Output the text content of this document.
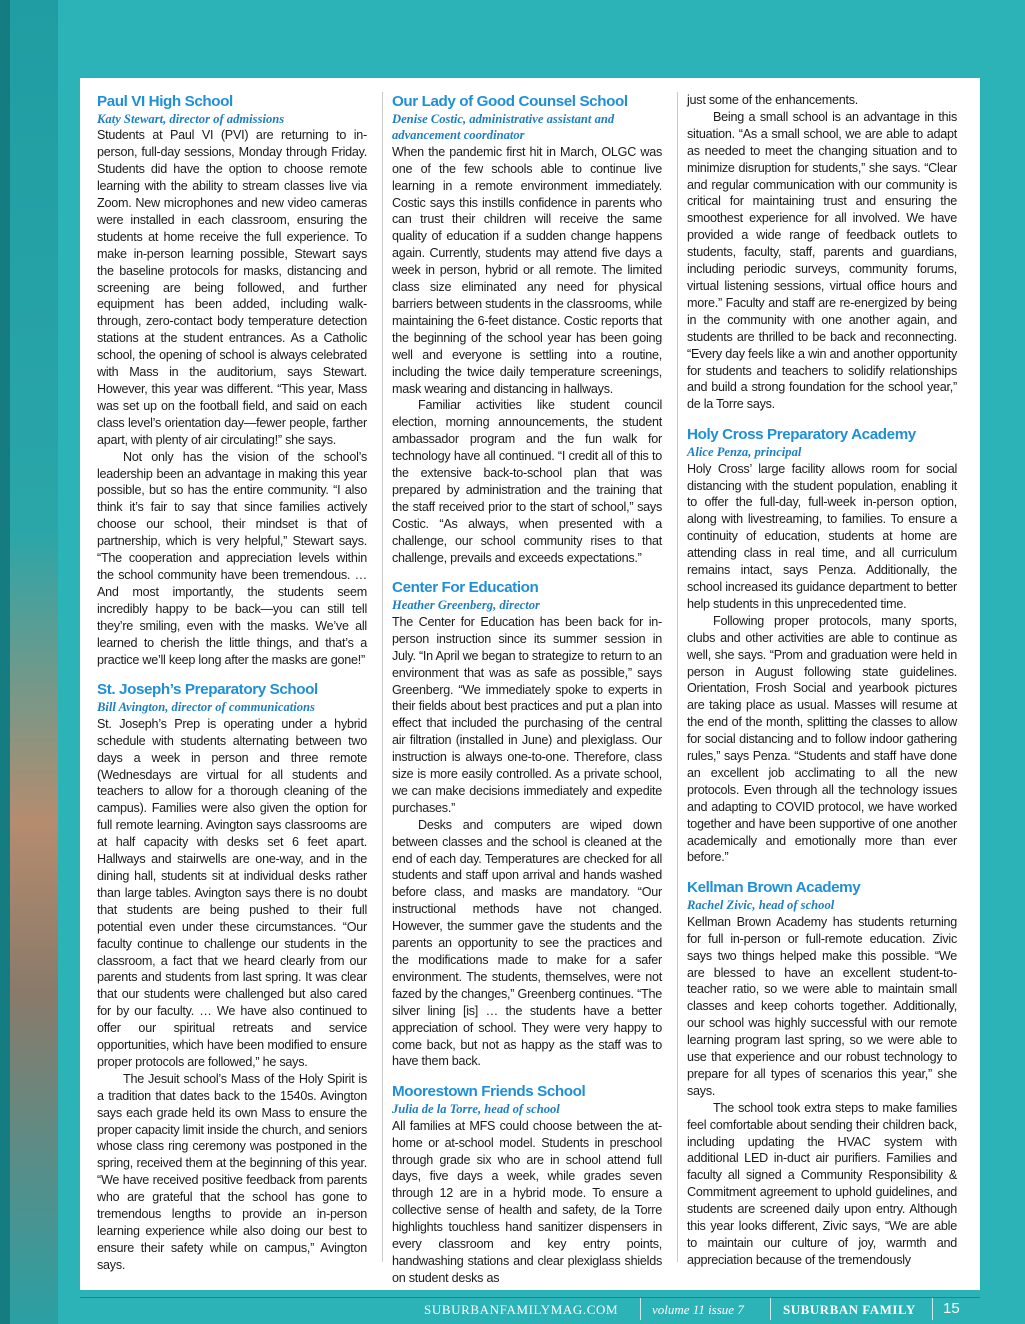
Paul VI High School

Katy Stewart, director of admissions

Students at Paul VI (PVI) are returning to in-person, full-day sessions, Monday through Friday. Students did have the option to choose remote learning with the ability to stream classes live via Zoom. New microphones and new video cameras were installed in each classroom, ensuring the students at home receive the full experience. To make in-person learning possible, Stewart says the baseline protocols for masks, distancing and screening are being followed, and further equipment has been added, including walk-through, zero-contact body temperature detection stations at the student entrances. As a Catholic school, the opening of school is always celebrated with Mass in the auditorium, says Stewart. However, this year was different. “This year, Mass was set up on the football field, and said on each class level’s orientation day—fewer people, farther apart, with plenty of air circulating!” she says.

Not only has the vision of the school’s leadership been an advantage in making this year possible, but so has the entire community. “I also think it’s fair to say that since families actively choose our school, their mindset is that of partnership, which is very helpful,” Stewart says. “The cooperation and appreciation levels within the school community have been tremendous. … And most importantly, the students seem incredibly happy to be back—you can still tell they’re smiling, even with the masks. We’ve all learned to cherish the little things, and that’s a practice we’ll keep long after the masks are gone!”

St. Joseph’s Preparatory School

Bill Avington, director of communications

St. Joseph’s Prep is operating under a hybrid schedule with students alternating between two days a week in person and three remote (Wednesdays are virtual for all students and teachers to allow for a thorough cleaning of the campus). Families were also given the option for full remote learning. Avington says classrooms are at half capacity with desks set 6 feet apart. Hallways and stairwells are one-way, and in the dining hall, students sit at individual desks rather than large tables. Avington says there is no doubt that students are being pushed to their full potential even under these circumstances. “Our faculty continue to challenge our students in the classroom, a fact that we heard clearly from our parents and students from last spring. It was clear that our students were challenged but also cared for by our faculty. … We have also continued to offer our spiritual retreats and service opportunities, which have been modified to ensure proper protocols are followed,” he says.

The Jesuit school’s Mass of the Holy Spirit is a tradition that dates back to the 1540s. Avington says each grade held its own Mass to ensure the proper capacity limit inside the church, and seniors whose class ring ceremony was postponed in the spring, received them at the beginning of this year. “We have received positive feedback from parents who are grateful that the school has gone to tremendous lengths to provide an in-person learning experience while also doing our best to ensure their safety while on campus,” Avington says.

Our Lady of Good Counsel School

Denise Costic, administrative assistant and advancement coordinator

When the pandemic first hit in March, OLGC was one of the few schools able to continue live learning in a remote environment immediately. Costic says this instills confidence in parents who can trust their children will receive the same quality of education if a sudden change happens again. Currently, students may attend five days a week in person, hybrid or all remote. The limited class size eliminated any need for physical barriers between students in the classrooms, while maintaining the 6-feet distance. Costic reports that the beginning of the school year has been going well and everyone is settling into a routine, including the twice daily temperature screenings, mask wearing and distancing in hallways.

Familiar activities like student council election, morning announcements, the student ambassador program and the fun walk for technology have all continued. “I credit all of this to the extensive back-to-school plan that was prepared by administration and the training that the staff received prior to the start of school,” says Costic. “As always, when presented with a challenge, our school community rises to that challenge, prevails and exceeds expectations.”

Center For Education

Heather Greenberg, director

The Center for Education has been back for in-person instruction since its summer session in July. “In April we began to strategize to return to an environment that was as safe as possible,” says Greenberg. “We immediately spoke to experts in their fields about best practices and put a plan into effect that included the purchasing of the central air filtration (installed in June) and plexiglass. Our instruction is always one-to-one. Therefore, class size is more easily controlled. As a private school, we can make decisions immediately and expedite purchases.”

Desks and computers are wiped down between classes and the school is cleaned at the end of each day. Temperatures are checked for all students and staff upon arrival and hands washed before class, and masks are mandatory. “Our instructional methods have not changed. However, the summer gave the students and the parents an opportunity to see the practices and the modifications made to make for a safer environment. The students, themselves, were not fazed by the changes,” Greenberg continues. “The silver lining [is] … the students have a better appreciation of school. They were very happy to come back, but not as happy as the staff was to have them back.

Moorestown Friends School

Julia de la Torre, head of school

All families at MFS could choose between the at-home or at-school model. Students in preschool through grade six who are in school attend full days, five days a week, while grades seven through 12 are in a hybrid mode. To ensure a collective sense of health and safety, de la Torre highlights touchless hand sanitizer dispensers in every classroom and key entry points, handwashing stations and clear plexiglass shields on student desks as

just some of the enhancements.

Being a small school is an advantage in this situation. “As a small school, we are able to adapt as needed to meet the changing situation and to minimize disruption for students,” she says. “Clear and regular communication with our community is critical for maintaining trust and ensuring the smoothest experience for all involved. We have provided a wide range of feedback outlets to students, faculty, staff, parents and guardians, including periodic surveys, community forums, virtual listening sessions, virtual office hours and more.” Faculty and staff are re-energized by being in the community with one another again, and students are thrilled to be back and reconnecting. “Every day feels like a win and another opportunity for students and teachers to solidify relationships and build a strong foundation for the school year,” de la Torre says.

Holy Cross Preparatory Academy

Alice Penza, principal

Holy Cross’ large facility allows room for social distancing with the student population, enabling it to offer the full-day, full-week in-person option, along with livestreaming, to families. To ensure a continuity of education, students at home are attending class in real time, and all curriculum remains intact, says Penza. Additionally, the school increased its guidance department to better help students in this unprecedented time.

Following proper protocols, many sports, clubs and other activities are able to continue as well, she says. “Prom and graduation were held in person in August following state guidelines. Orientation, Frosh Social and yearbook pictures are taking place as usual. Masses will resume at the end of the month, splitting the classes to allow for social distancing and to follow indoor gathering rules,” says Penza. “Students and staff have done an excellent job acclimating to all the new protocols. Even through all the technology issues and adapting to COVID protocol, we have worked together and have been supportive of one another academically and emotionally more than ever before.”

Kellman Brown Academy

Rachel Zivic, head of school

Kellman Brown Academy has students returning for full in-person or full-remote education. Zivic says two things helped make this possible. “We are blessed to have an excellent student-to-teacher ratio, so we were able to maintain small classes and keep cohorts together. Additionally, our school was highly successful with our remote learning program last spring, so we were able to use that experience and our robust technology to prepare for all types of scenarios this year,” she says.

The school took extra steps to make families feel comfortable about sending their children back, including updating the HVAC system with additional LED in-duct air purifiers. Families and faculty all signed a Community Responsibility & Commitment agreement to uphold guidelines, and students are screened daily upon entry. Although this year looks different, Zivic says, “We are able to maintain our culture of joy, warmth and appreciation because of the tremendously

SUBURBANFAMILYMAG.COM	volume 11 issue 7	SUBURBAN FAMILY 15
